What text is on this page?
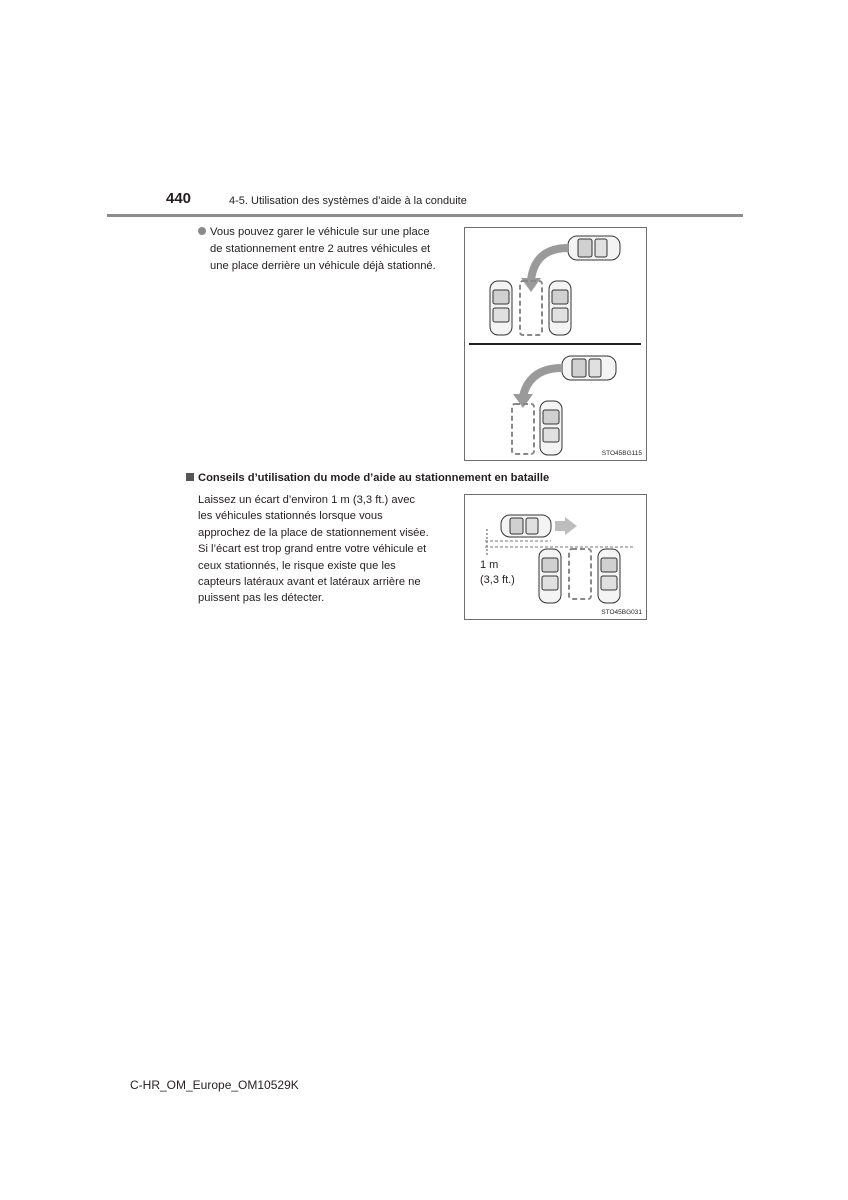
440	4-5. Utilisation des systèmes d’aide à la conduite
Vous pouvez garer le véhicule sur une place
de stationnement entre 2 autres véhicules et
une place derrière un véhicule déjà stationné.
STO45BG115
Conseils d’utilisation du mode d’aide au stationnement en bataille
Laissez un écart d’environ 1 m (3,3 ft.) avec
les véhicules stationnés lorsque vous
approchez de la place de stationnement visée.
Si l’écart est trop grand entre votre véhicule et
ceux stationnés, le risque existe que les
capteurs latéraux avant et latéraux arrière ne
puissent pas les détecter.
STO45BG031
1 m
(3,3 ft.)
C-HR_OM_Europe_OM10529K
